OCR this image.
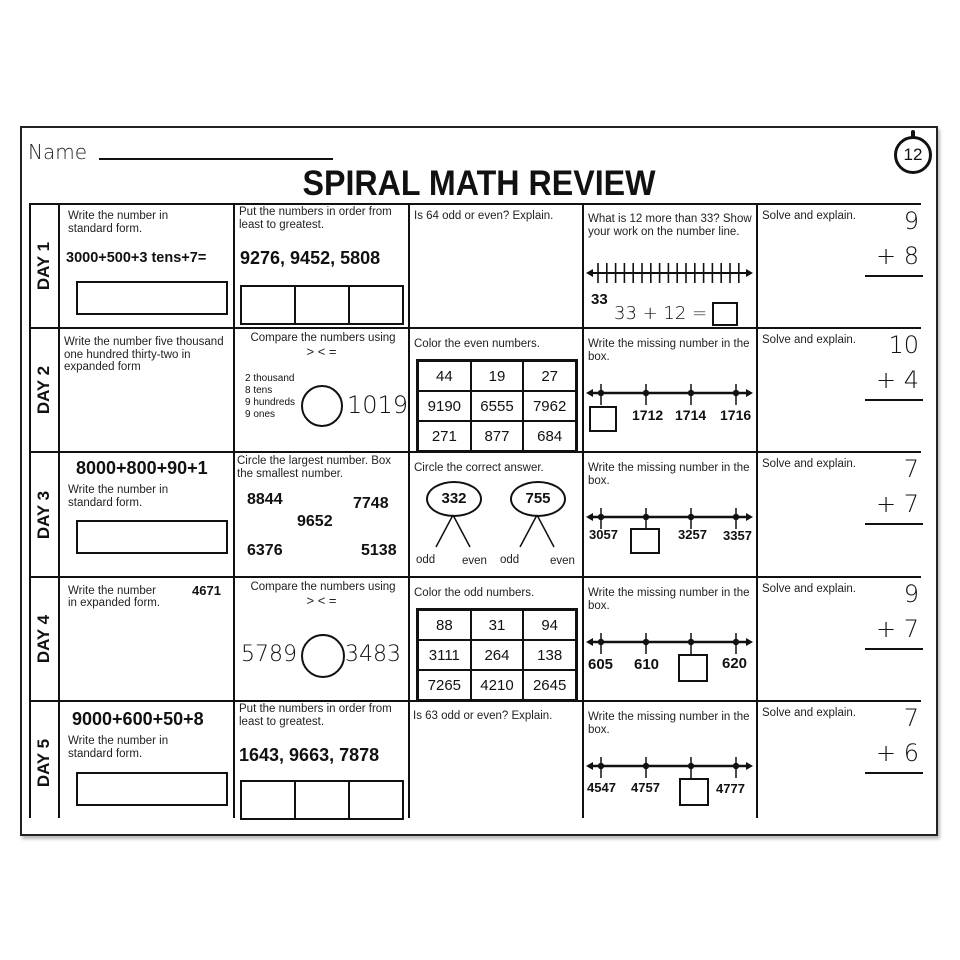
Name
SPIRAL MATH REVIEW
12
DAY 1
Write the number in standard form.
3000+500+3 tens+7=
Put the numbers in order from least to greatest.
9276, 9452, 5808
Is 64 odd or even? Explain.	What is 12 more than 33? Show your work on the number line.
33
33 + 12 =
Solve and explain. 9
+ 8
DAY 2
Write the number five thousand one hundred thirty-two in expanded form
Compare the numbers using
> < =
2 thousand
8 tens
9 hundreds
9 ones	1019
Color the even numbers.
44	19	27
9190	6555	7962
271	877	684
Write the missing number in the box.
1712 1714 1716
Solve and explain. 10
+ 4
DAY 3
8000+800+90+1
Write the number in standard form.
Circle the largest number. Box the smallest number.
8844	7748
9652
6376	5138
Circle the correct answer.
332	755
odd even odd	even
Write the missing number in the box.
3057	3257 3357
Solve and explain. 7
+ 7
DAY 4
Write the number	4671
in expanded form.
Compare the numbers using
> < =
5789 3483
Color the odd numbers.
88	31	94
3111	264	138
7265	4210	2645
Write the missing number in the box.
605 610	620
Solve and explain. 9
+ 7
DAY 5
9000+600+50+8
Write the number in standard form.
Put the numbers in order from least to greatest.
1643, 9663, 7878
Is 63 odd or even? Explain.	Write the missing number in the box.
4547 4757	4777
Solve and explain. 7
+ 6
